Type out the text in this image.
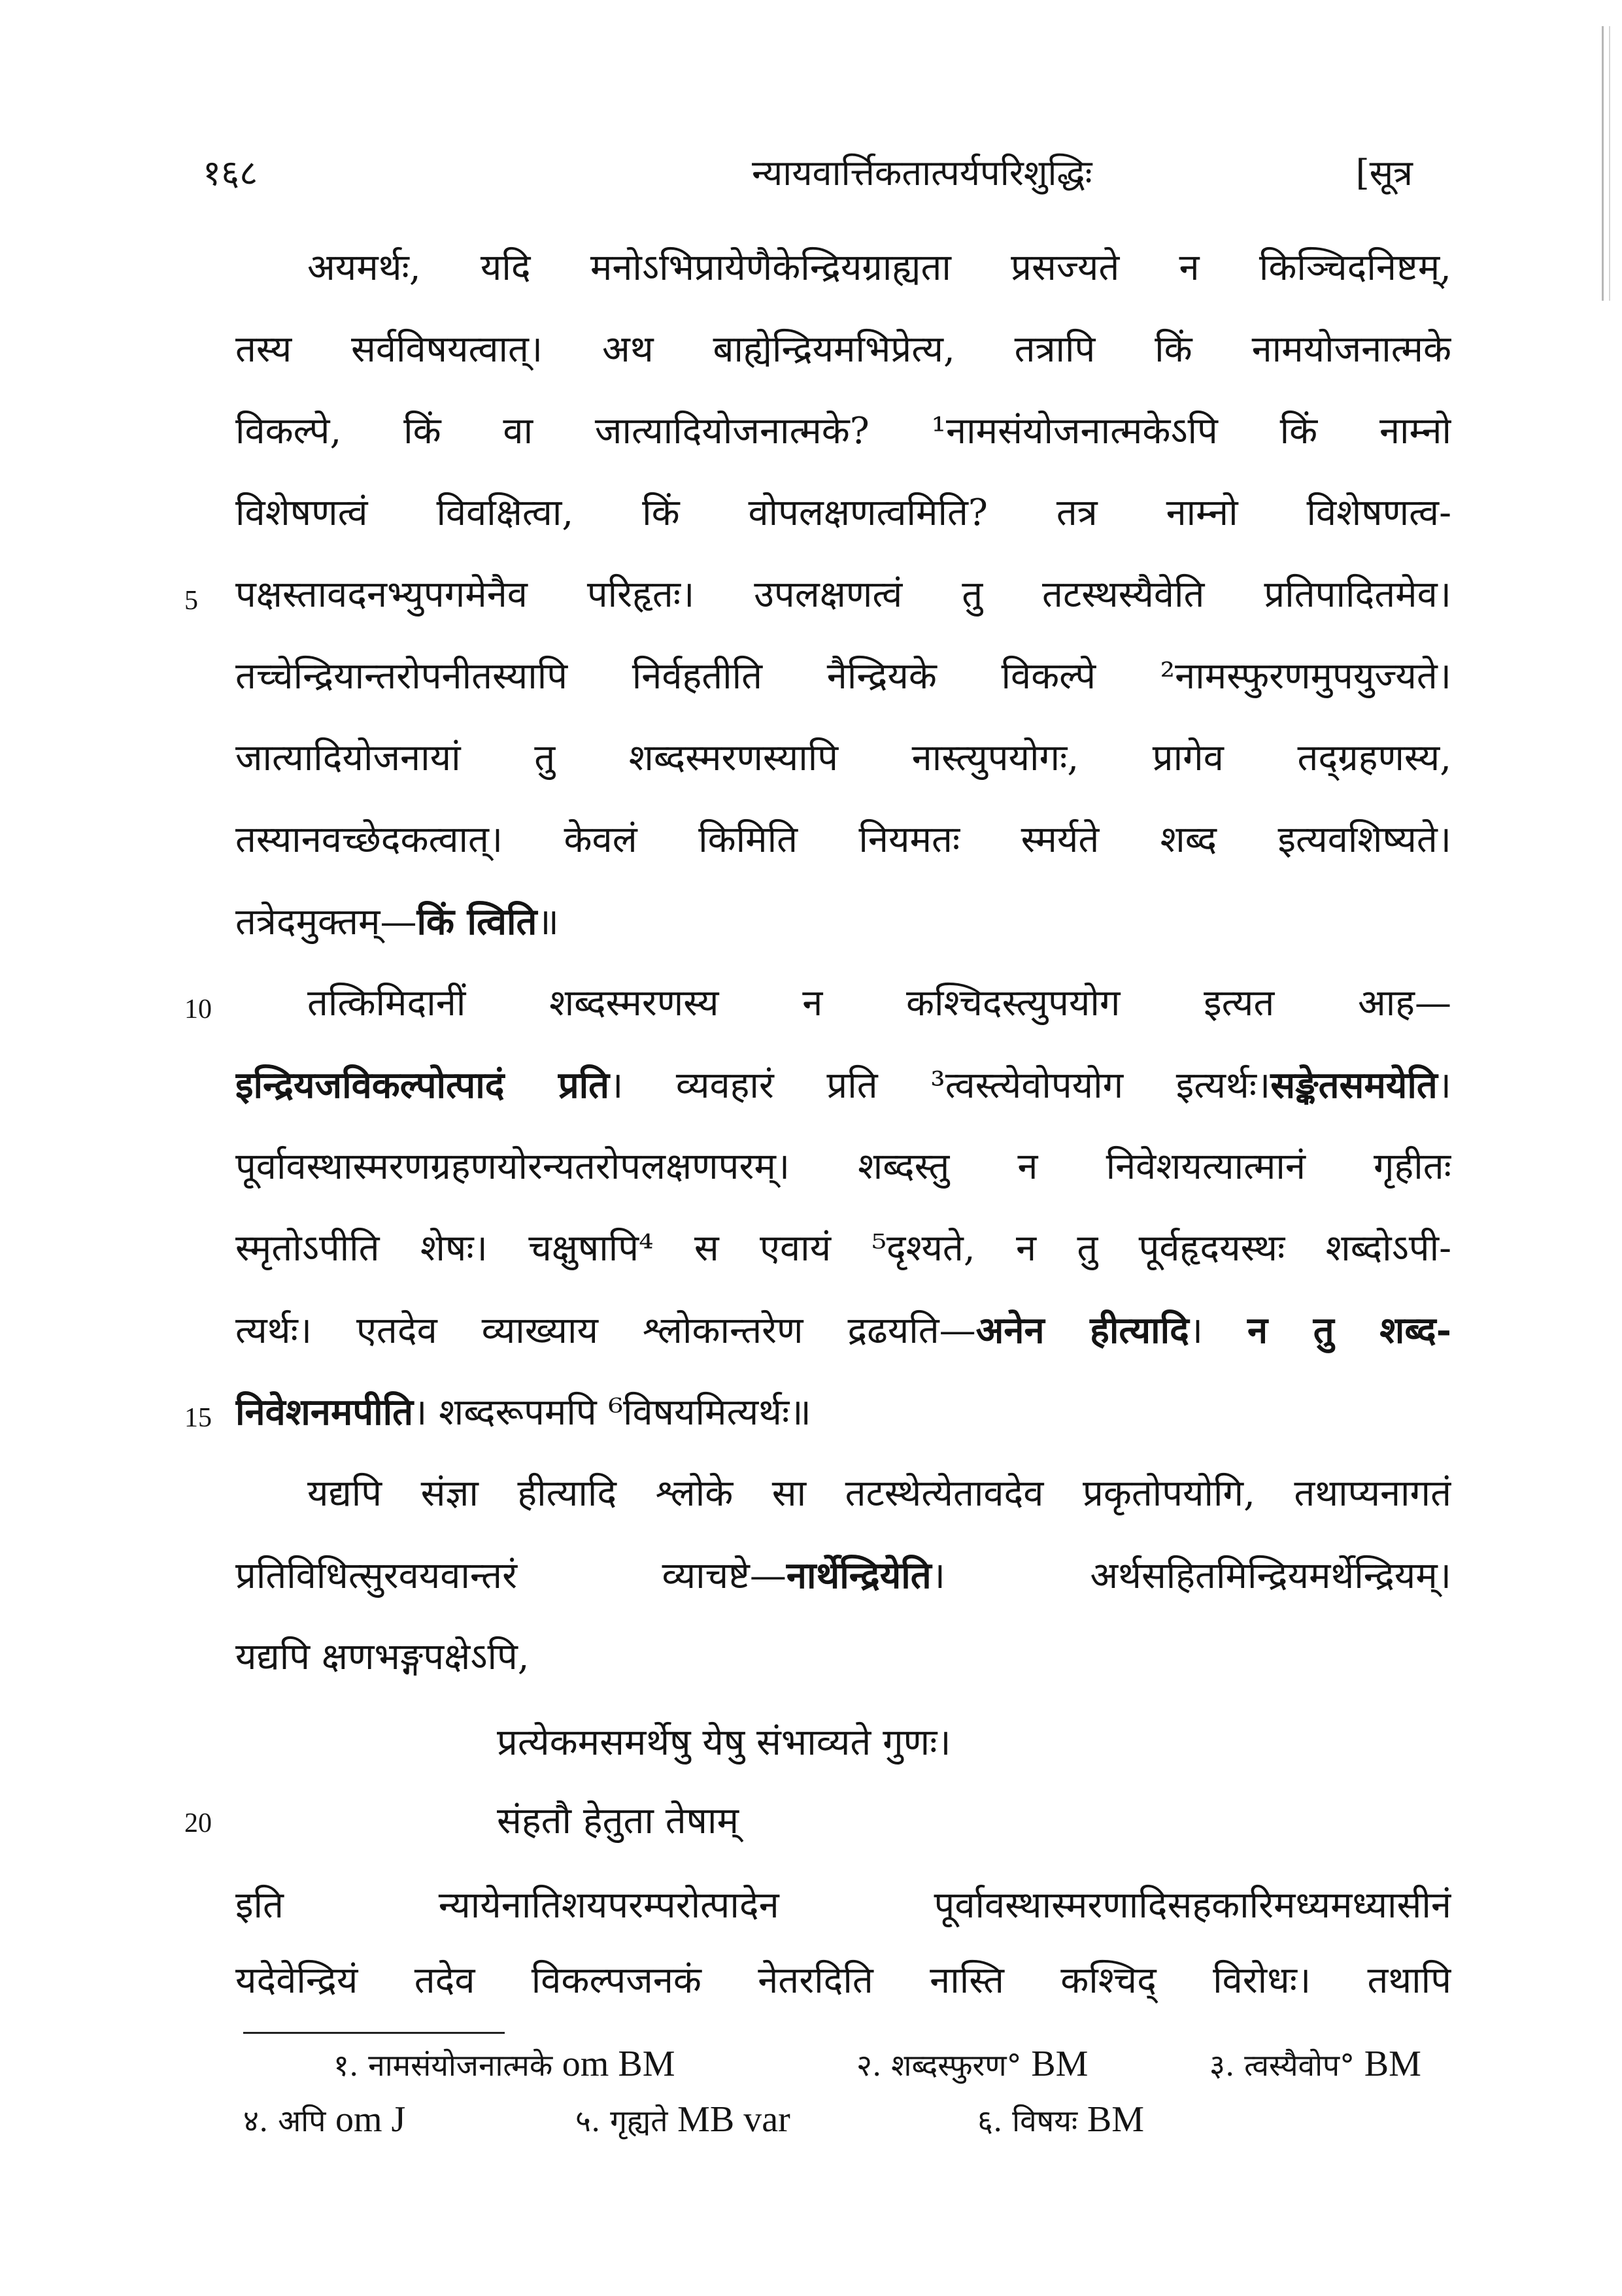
१६८	न्यायवार्त्तिकतात्पर्यपरिशुद्धिः	[सूत्र
अयमर्थः, यदि मनोऽभिप्रायेणैकेन्द्रियग्राह्यता प्रसज्यते न किञ्चिदनिष्टम्,
तस्य सर्वविषयत्वात्। अथ बाह्येन्द्रियमभिप्रेत्य, तत्रापि किं नामयोजनात्मके
विकल्पे, किं वा जात्यादियोजनात्मके? ¹नामसंयोजनात्मकेऽपि किं नाम्नो
विशेषणत्वं विवक्षित्वा, किं वोपलक्षणत्वमिति? तत्र नाम्नो विशेषणत्व-
पक्षस्तावदनभ्युपगमेनैव परिहृतः। उपलक्षणत्वं तु तटस्थस्यैवेति प्रतिपादितमेव।
तच्चेन्द्रियान्तरोपनीतस्यापि निर्वहतीति नैन्द्रियके विकल्पे ²नामस्फुरणमुपयुज्यते।
जात्यादियोजनायां तु शब्दस्मरणस्यापि नास्त्युपयोगः, प्रागेव तद्ग्रहणस्य,
तस्यानवच्छेदकत्वात्। केवलं किमिति नियमतः स्मर्यते शब्द इत्यवशिष्यते।
तत्रेदमुक्तम्—किं त्विति॥
तत्किमिदानीं शब्दस्मरणस्य न कश्चिदस्त्युपयोग इत्यत आह—
इन्द्रियजविकल्पोत्पादं प्रति। व्यवहारं प्रति ³त्वस्त्येवोपयोग इत्यर्थः।सङ्केतसमयेति।
पूर्वावस्थास्मरणग्रहणयोरन्यतरोपलक्षणपरम्। शब्दस्तु न निवेशयत्यात्मानं गृहीतः
स्मृतोऽपीति शेषः। चक्षुषापि⁴ स एवायं ⁵दृश्यते, न तु पूर्वहृदयस्थः शब्दोऽपी-
त्यर्थः। एतदेव व्याख्याय श्लोकान्तरेण द्रढयति—अनेन हीत्यादि। न तु शब्द-
निवेशनमपीति। शब्दरूपमपि ⁶विषयमित्यर्थः॥
यद्यपि संज्ञा हीत्यादि श्लोके सा तटस्थेत्येतावदेव प्रकृतोपयोगि, तथाप्यनागतं
प्रतिविधित्सुरवयवान्तरं व्याचष्टे—नार्थेन्द्रियेति। अर्थसहितमिन्द्रियमर्थेन्द्रियम्।
यद्यपि क्षणभङ्गपक्षेऽपि,
प्रत्येकमसमर्थेषु येषु संभाव्यते गुणः।
संहतौ हेतुता तेषाम्
इति न्यायेनातिशयपरम्परोत्पादेन पूर्वावस्थास्मरणादिसहकारिमध्यमध्यासीनं
यदेवेन्द्रियं तदेव विकल्पजनकं नेतरदिति नास्ति कश्चिद् विरोधः। तथापि
5
10
15
20
१. नामसंयोजनात्मके om BM	२. शब्दस्फुरण° BM	३. त्वस्यैवोप° BM
४. अपि om J	५. गृह्यते MB var	६. विषयः BM
